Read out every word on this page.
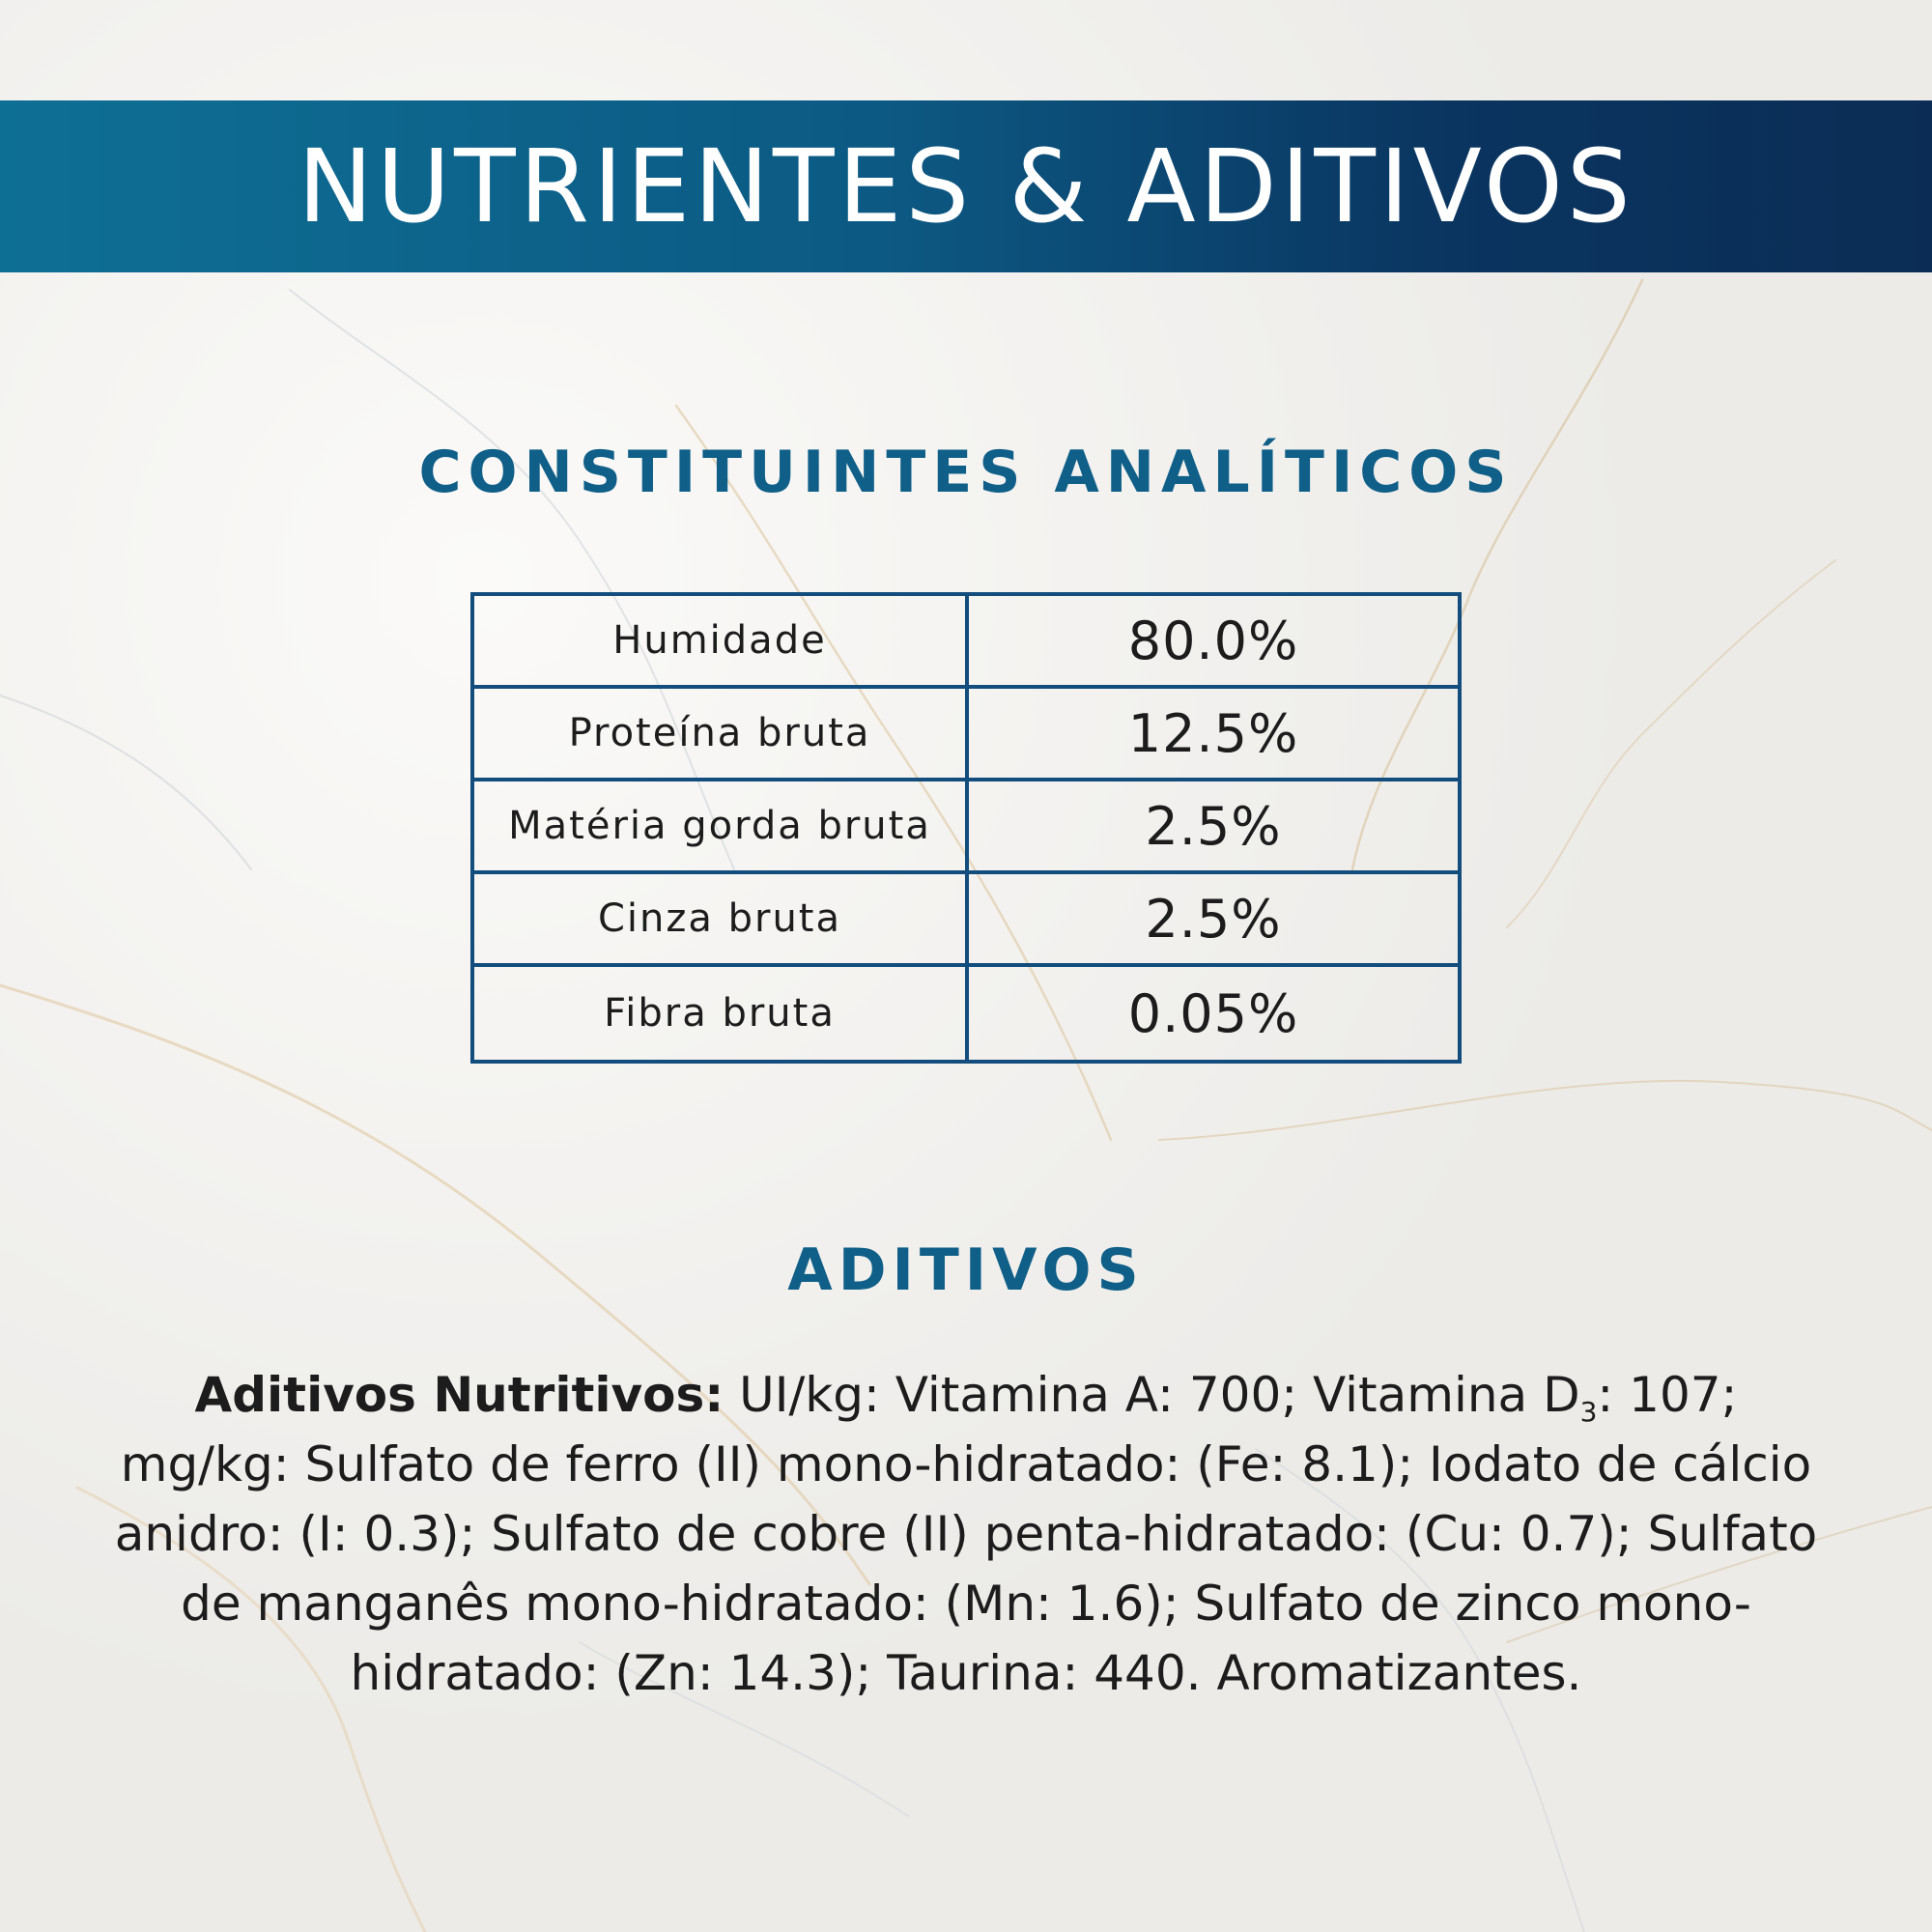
NUTRIENTES & ADITIVOS
CONSTITUINTES ANALÍTICOS
Humidade	80.0%
Proteína bruta	12.5%
Matéria gorda bruta	2.5%
Cinza bruta	2.5%
Fibra bruta	0.05%
ADITIVOS
Aditivos Nutritivos: UI/kg: Vitamina A: 700; Vitamina $D_3$: 107; mg/kg: Sulfato de ferro (II) mono-hidratado: (Fe: 8.1); Iodato de cálcio anidro: (I: 0.3); Sulfato de cobre (II) penta-hidratado: (Cu: 0.7); Sulfato de manganês mono-hidratado: (Mn: 1.6); Sulfato de zinco mono-hidratado: (Zn: 14.3); Taurina: 440. Aromatizantes.
